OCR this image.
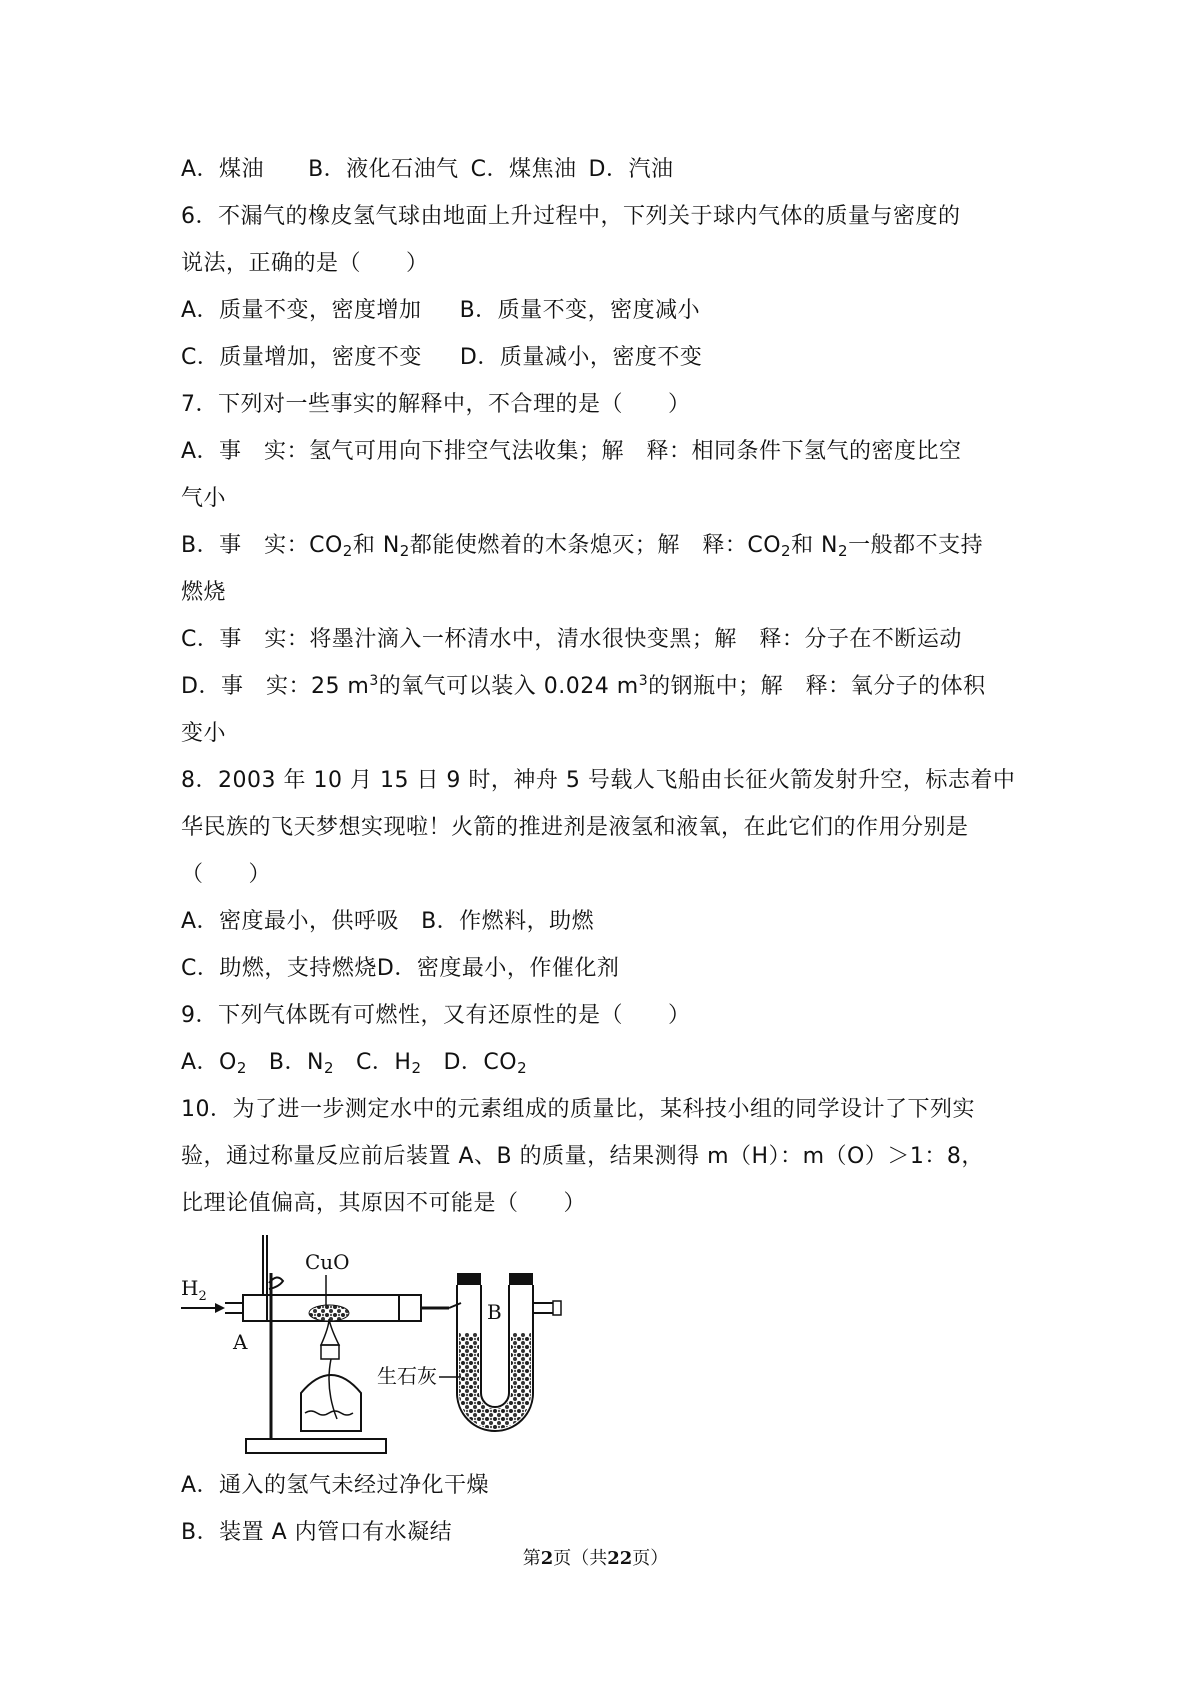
A．煤油 B．液化石油气 C．煤焦油 D．汽油
6．不漏气的橡皮氢气球由地面上升过程中，下列关于球内气体的质量与密度的
说法，正确的是（　　）
A．质量不变，密度增加 B．质量不变，密度减小
C．质量增加，密度不变 D．质量减小，密度不变
7．下列对一些事实的解释中，不合理的是（　　）
A．事　实：氢气可用向下排空气法收集；解　释：相同条件下氢气的密度比空
气小
B．事　实：$CO_2$和 $N_2$都能使燃着的木条熄灭；解　释：$CO_2$和 $N_2$一般都不支持
燃烧
C．事　实：将墨汁滴入一杯清水中，清水很快变黑；解　释：分子在不断运动
D．事　实：25 $m^3$的氧气可以装入 0.024 $m^3$的钢瓶中；解　释：氧分子的体积
变小
8．2003 年 10 月 15 日 9 时，神舟 5 号载人飞船由长征火箭发射升空，标志着中
华民族的飞天梦想实现啦！火箭的推进剂是液氢和液氧，在此它们的作用分别是
（　　）
A．密度最小，供呼吸 B．作燃料，助燃
C．助燃，支持燃烧D．密度最小，作催化剂
9．下列气体既有可燃性，又有还原性的是（　　）
A．$O_2$ B．$N_2$ C．$H_2$ D．$CO_2$
10．为了进一步测定水中的元素组成的质量比，某科技小组的同学设计了下列实
验，通过称量反应前后装置 A、B 的质量，结果测得 m（H）：m（O）＞1：8，
比理论值偏高，其原因不可能是（　　）
$H_2$
A
CuO
B
生石灰
A．通入的氢气未经过净化干燥
B．装置 A 内管口有水凝结
第2页（共22页）
